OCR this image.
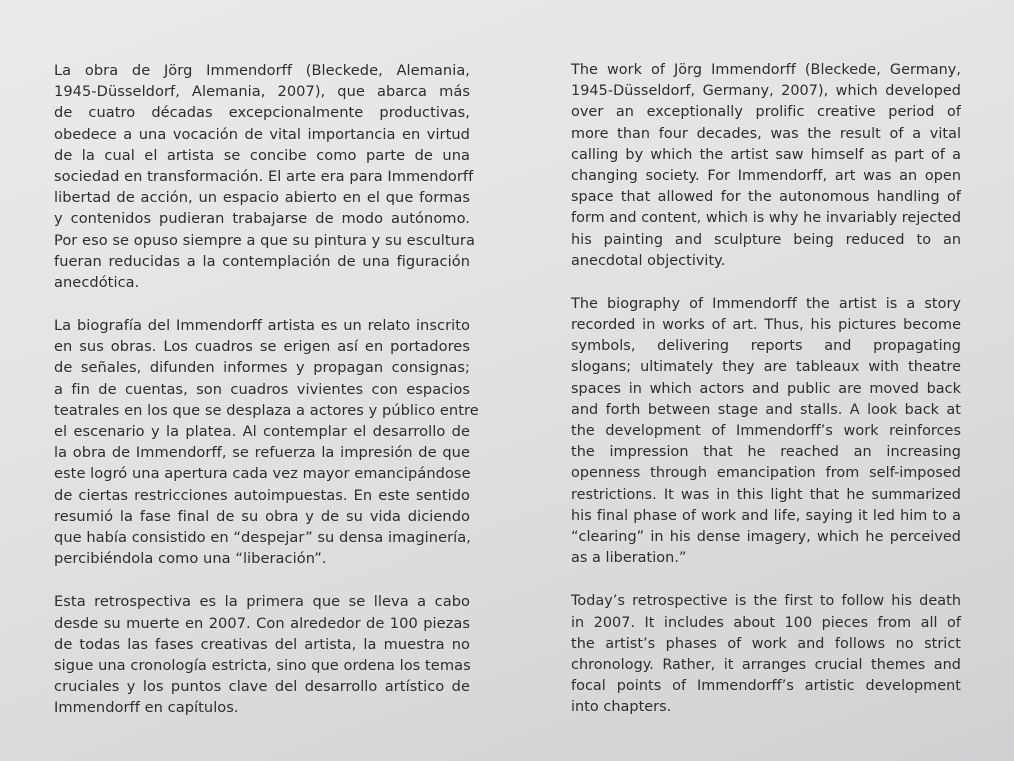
La obra de Jörg Immendorff (Bleckede, Alemania,
1945-Düsseldorf, Alemania, 2007), que abarca más
de cuatro décadas excepcionalmente productivas,
obedece a una vocación de vital importancia en virtud
de la cual el artista se concibe como parte de una
sociedad en transformación. El arte era para Immendorff
libertad de acción, un espacio abierto en el que formas
y contenidos pudieran trabajarse de modo autónomo.
Por eso se opuso siempre a que su pintura y su escultura
fueran reducidas a la contemplación de una figuración
anecdótica.

La biografía del Immendorff artista es un relato inscrito
en sus obras. Los cuadros se erigen así en portadores
de señales, difunden informes y propagan consignas;
a fin de cuentas, son cuadros vivientes con espacios
teatrales en los que se desplaza a actores y público entre
el escenario y la platea. Al contemplar el desarrollo de
la obra de Immendorff, se refuerza la impresión de que
este logró una apertura cada vez mayor emancipándose
de ciertas restricciones autoimpuestas. En este sentido
resumió la fase final de su obra y de su vida diciendo
que había consistido en “despejar” su densa imaginería,
percibiéndola como una “liberación”.

Esta retrospectiva es la primera que se lleva a cabo
desde su muerte en 2007. Con alrededor de 100 piezas
de todas las fases creativas del artista, la muestra no
sigue una cronología estricta, sino que ordena los temas
cruciales y los puntos clave del desarrollo artístico de
Immendorff en capítulos.

The work of Jörg Immendorff (Bleckede, Germany,
1945-Düsseldorf, Germany, 2007), which developed
over an exceptionally prolific creative period of
more than four decades, was the result of a vital
calling by which the artist saw himself as part of a
changing society. For Immendorff, art was an open
space that allowed for the autonomous handling of
form and content, which is why he invariably rejected
his painting and sculpture being reduced to an
anecdotal objectivity.

The biography of Immendorff the artist is a story
recorded in works of art. Thus, his pictures become
symbols, delivering reports and propagating
slogans; ultimately they are tableaux with theatre
spaces in which actors and public are moved back
and forth between stage and stalls. A look back at
the development of Immendorff’s work reinforces
the impression that he reached an increasing
openness through emancipation from self-imposed
restrictions. It was in this light that he summarized
his final phase of work and life, saying it led him to a
“clearing” in his dense imagery, which he perceived
as a liberation.”

Today’s retrospective is the first to follow his death
in 2007. It includes about 100 pieces from all of
the artist’s phases of work and follows no strict
chronology. Rather, it arranges crucial themes and
focal points of Immendorff’s artistic development
into chapters.
